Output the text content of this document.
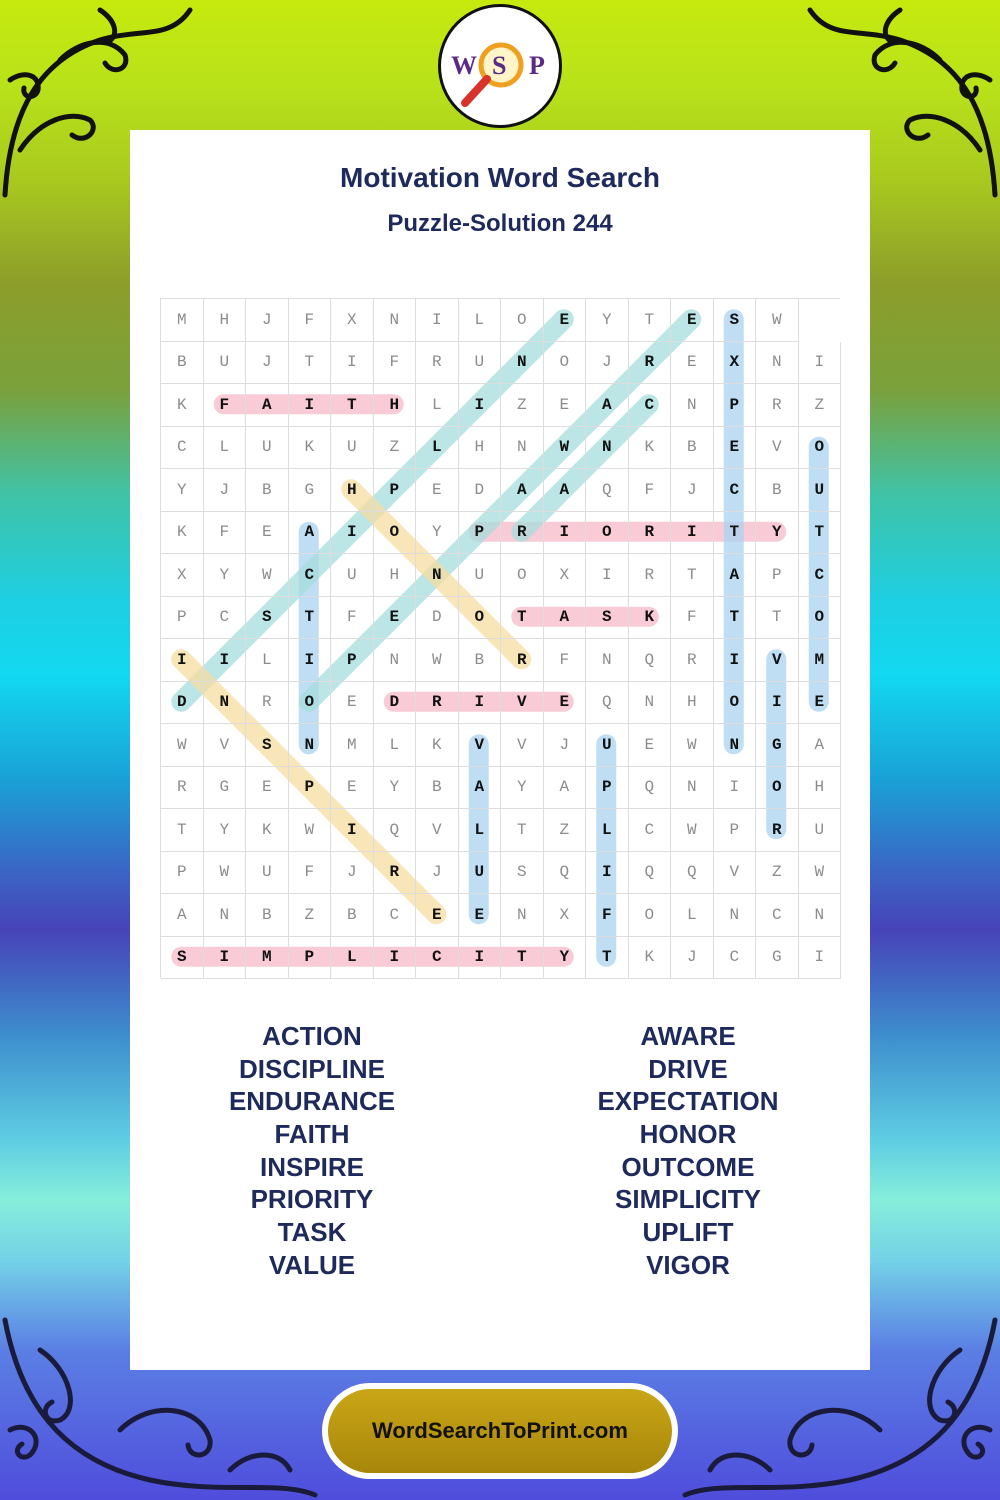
W S P
Motivation Word Search
Puzzle-Solution 244
M	H	J	F	X	N	I	L	O	E	Y	T	E	S	W
B	U	J	T	I	F	R	U	N	O	J	R	E	X	N	I
K	F	A	I	T	H	L	I	Z	E	A	C	N	P	R	Z
C	L	U	K	U	Z	L	H	N	W	N	K	B	E	V	O
Y	J	B	G	H	P	E	D	A	A	Q	F	J	C	B	U
K	F	E	A	I	O	Y	P	R	I	O	R	I	T	Y	T
X	Y	W	C	U	H	N	U	O	X	I	R	T	A	P	C
P	C	S	T	F	E	D	O	T	A	S	K	F	T	T	O
I	I	L	I	P	N	W	B	R	F	N	Q	R	I	V	M
D	N	R	O	E	D	R	I	V	E	Q	N	H	O	I	E
W	V	S	N	M	L	K	V	V	J	U	E	W	N	G	A
R	G	E	P	E	Y	B	A	Y	A	P	Q	N	I	O	H
T	Y	K	W	I	Q	V	L	T	Z	L	C	W	P	R	U
P	W	U	F	J	R	J	U	S	Q	I	Q	Q	V	Z	W
A	N	B	Z	B	C	E	E	N	X	F	O	L	N	C	N
S	I	M	P	L	I	C	I	T	Y	T	K	J	C	G	I
ACTION
DISCIPLINE
ENDURANCE
FAITH
INSPIRE
PRIORITY
TASK
VALUE
AWARE
DRIVE
EXPECTATION
HONOR
OUTCOME
SIMPLICITY
UPLIFT
VIGOR
WordSearchToPrint.com
